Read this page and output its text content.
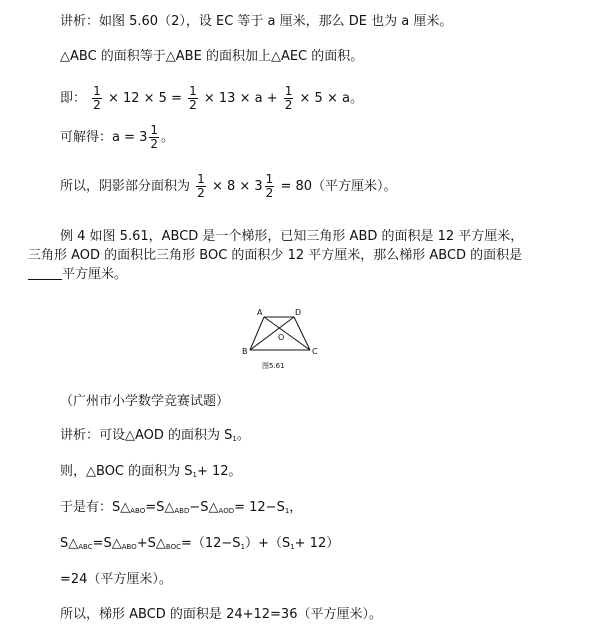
讲析：如图 5.60（2），设 EC 等于 a 厘米，那么 DE 也为 a 厘米。
△ABC 的面积等于△ABE 的面积加上△AEC 的面积。
即： $\frac{1}{2} \times 12 \times 5 = \frac{1}{2} \times 13 \times a + \frac{1}{2} \times 5 \times a$。
可解得：$a = 3 \frac{1}{2}$ 。
所以，阴影部分面积为 $\frac{1}{2} \times 8 \times 3 \frac{1}{2} = 80$（平方厘米）。
例 4 如图 5.61，ABCD 是一个梯形，已知三角形 ABD 的面积是 12 平方厘米，
三角形 AOD 的面积比三角形 BOC 的面积少 12 平方厘米，那么梯形 ABCD 的面积是
平方厘米。
A	D
B	C
O
图5.61
（广州市小学数学竞赛试题）
讲析：可设△AOD 的面积为 $S_1$。
则，△BOC 的面积为 $S_1+ 12$。
于是有：$S\triangle_{ABO}=S\triangle_{ABD}-S\triangle_{AOD}= 12-S_1$，
$S\triangle_{ABC}=S\triangle_{ABO}+S\triangle_{BOC}=(12-S_1)+(S_1+ 12)$
=24（平方厘米）。
所以，梯形 ABCD 的面积是 24+12=36（平方厘米）。
